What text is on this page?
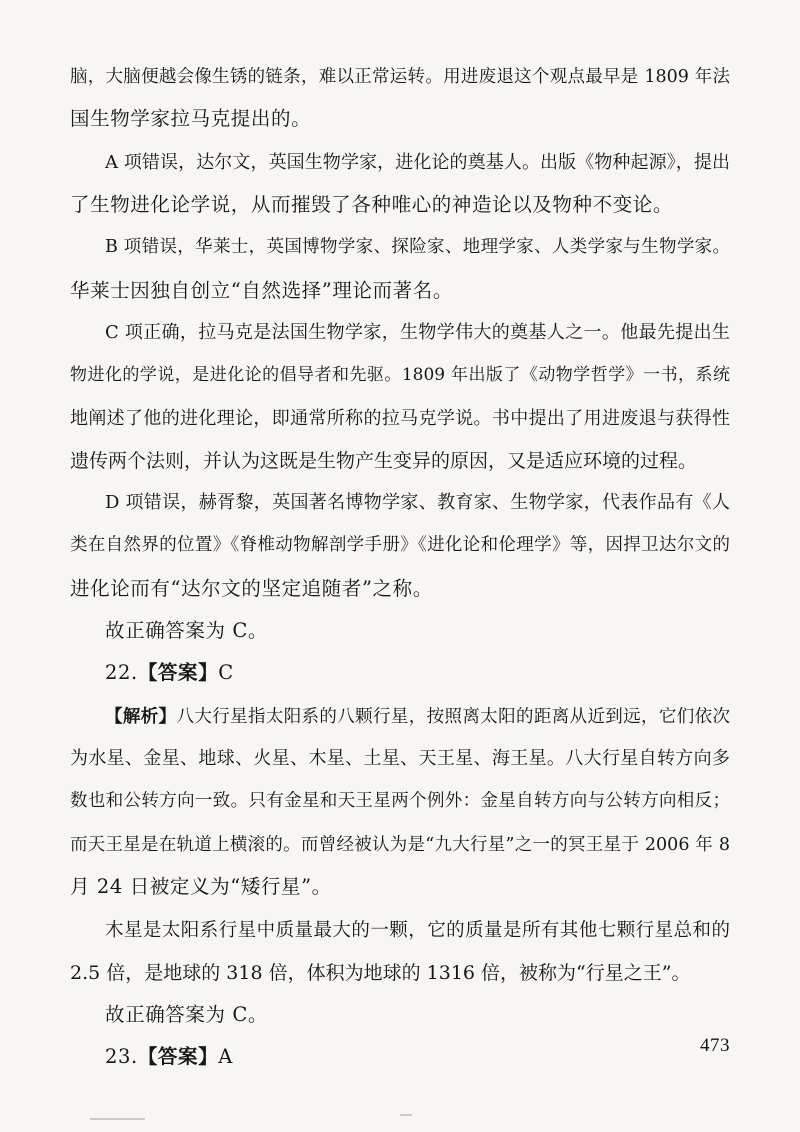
脑，大脑便越会像生锈的链条，难以正常运转。用进废退这个观点最早是 1809 年法
国生物学家拉马克提出的。
A 项错误，达尔文，英国生物学家，进化论的奠基人。出版《物种起源》，提出
了生物进化论学说，从而摧毁了各种唯心的神造论以及物种不变论。
B 项错误，华莱士，英国博物学家、探险家、地理学家、人类学家与生物学家。
华莱士因独自创立“自然选择”理论而著名。
C 项正确，拉马克是法国生物学家，生物学伟大的奠基人之一。他最先提出生
物进化的学说，是进化论的倡导者和先驱。1809 年出版了《动物学哲学》一书，系统
地阐述了他的进化理论，即通常所称的拉马克学说。书中提出了用进废退与获得性
遗传两个法则，并认为这既是生物产生变异的原因，又是适应环境的过程。
D 项错误，赫胥黎，英国著名博物学家、教育家、生物学家，代表作品有《人
类在自然界的位置》《脊椎动物解剖学手册》《进化论和伦理学》等，因捍卫达尔文的
进化论而有“达尔文的坚定追随者”之称。
故正确答案为 C。
22.【答案】C
【解析】八大行星指太阳系的八颗行星，按照离太阳的距离从近到远，它们依次
为水星、金星、地球、火星、木星、土星、天王星、海王星。八大行星自转方向多
数也和公转方向一致。只有金星和天王星两个例外：金星自转方向与公转方向相反；
而天王星是在轨道上横滚的。而曾经被认为是“九大行星”之一的冥王星于 2006 年 8
月 24 日被定义为“矮行星”。
木星是太阳系行星中质量最大的一颗，它的质量是所有其他七颗行星总和的
2.5 倍，是地球的 318 倍，体积为地球的 1316 倍，被称为“行星之王”。
故正确答案为 C。
23.【答案】A	473
